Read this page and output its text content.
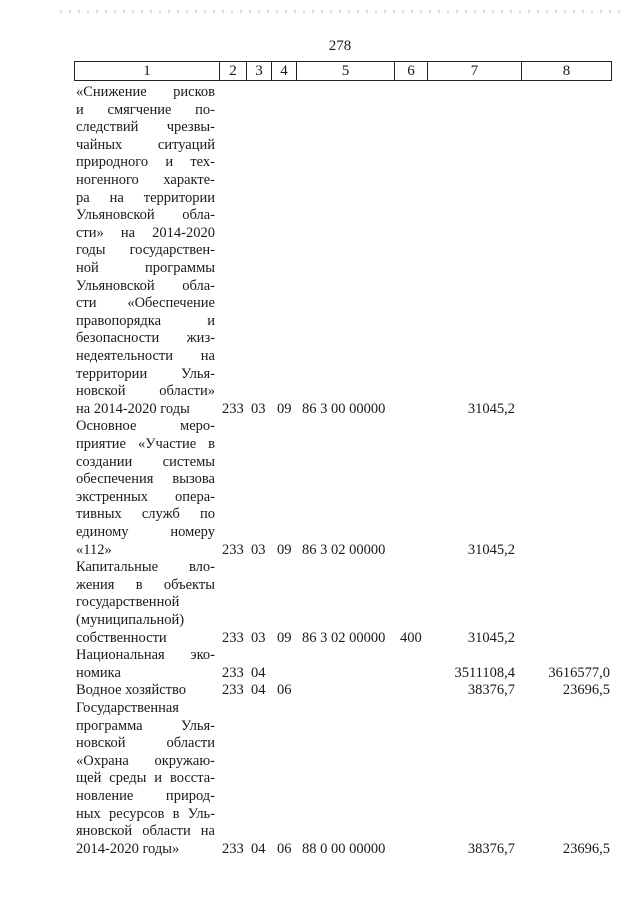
278
1	2	3	4	5	6	7	8
«Снижение рисков
и смягчение по-
следствий чрезвы-
чайных ситуаций
природного и тех-
ногенного характе-
ра на территории
Ульяновской обла-
сти» на 2014-2020
годы государствен-
ной программы
Ульяновской обла-
сти «Обеспечение
правопорядка и
безопасности жиз-
недеятельности на
территории Улья-
новской области»
на 2014-2020 годы	233 03 09 86 3 00 00000	31045,2
Основное меро-
приятие «Участие в
создании системы
обеспечения вызова
экстренных опера-
тивных служб по
единому номеру
«112»	233 03 09 86 3 02 00000	31045,2
Капитальные вло-
жения в объекты
государственной
(муниципальной)
собственности	233 03 09 86 3 02 00000 400	31045,2
Национальная эко-
номика	233 04	3511108,4 3616577,0
Водное хозяйство	233 04 06	38376,7	23696,5
Государственная
программа Улья-
новской области
«Охрана окружаю-
щей среды и восста-
новление природ-
ных ресурсов в Уль-
яновской области на
2014-2020 годы»	233 04 06 88 0 00 00000	38376,7	23696,5
